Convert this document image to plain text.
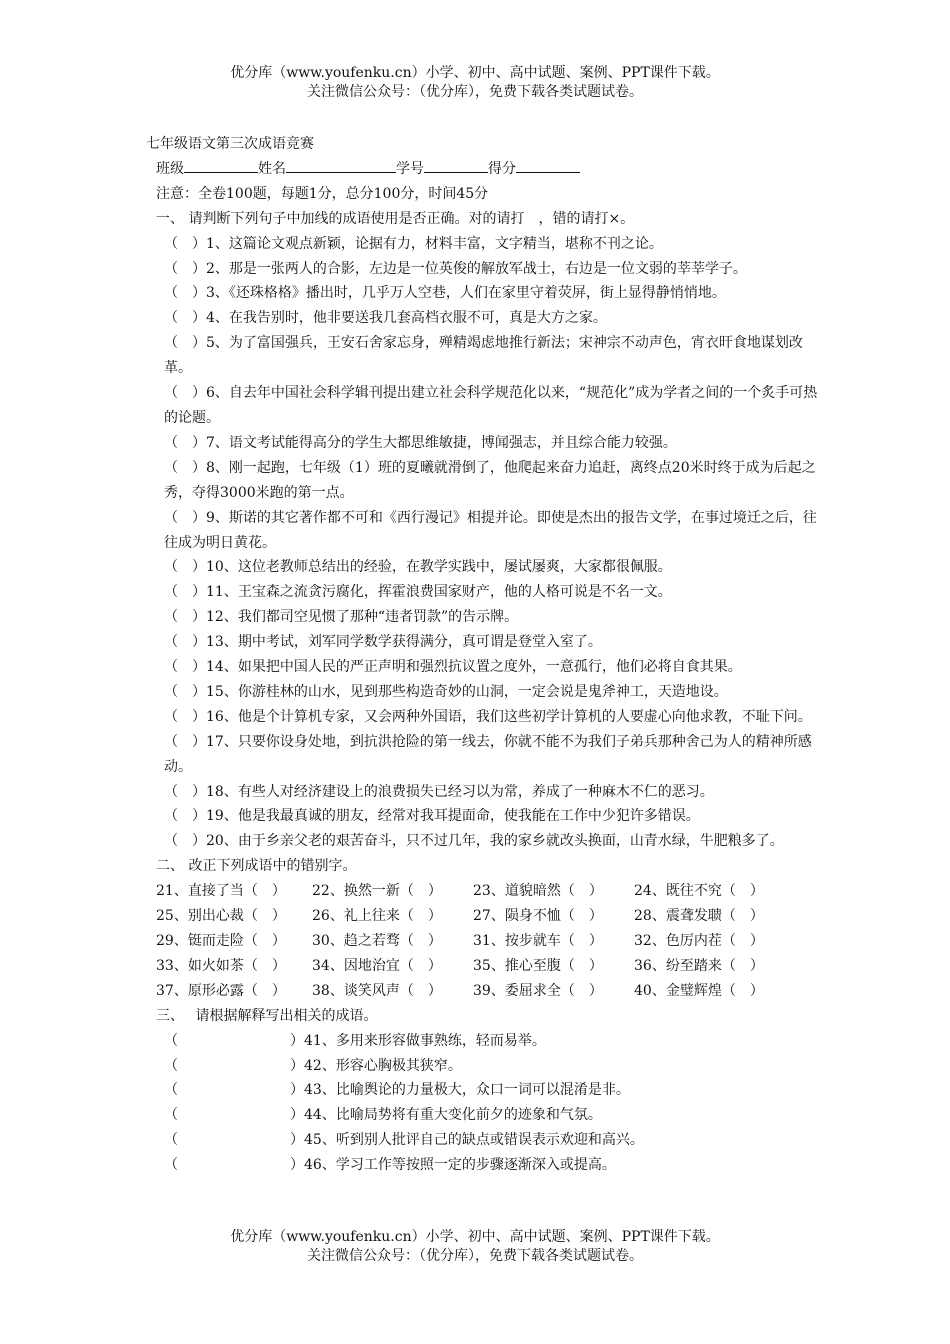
优分库（www.youfenku.cn）小学、初中、高中试题、案例、PPT课件下载。
关注微信公众号：（优分库），免费下载各类试题试卷。
七年级语文第三次成语竞赛
班级	姓名	学号	得分
注意：全卷100题，每题1分，总分100分，时间45分
一、 请判断下列句子中加线的成语使用是否正确。对的请打　，错的请打×。
（　）1、这篇论文观点新颖，论据有力，材料丰富，文字精当，堪称不刊之论。
（　）2、那是一张两人的合影，左边是一位英俊的解放军战士，右边是一位文弱的莘莘学子。
（　）3、《还珠格格》播出时，几乎万人空巷，人们在家里守着荧屏，街上显得静悄悄地。
（　）4、在我告别时，他非要送我几套高档衣服不可，真是大方之家。
（　）5、为了富国强兵，王安石舍家忘身，殚精竭虑地推行新法；宋神宗不动声色，宵衣旰食地谋划改革。
（　）6、自去年中国社会科学辑刊提出建立社会科学规范化以来，“规范化”成为学者之间的一个炙手可热的论题。
（　）7、语文考试能得高分的学生大都思维敏捷，博闻强志，并且综合能力较强。
（　）8、刚一起跑，七年级（1）班的夏曦就滑倒了，他爬起来奋力追赶，离终点20米时终于成为后起之秀，夺得3000米跑的第一点。
（　）9、斯诺的其它著作都不可和《西行漫记》相提并论。即使是杰出的报告文学，在事过境迁之后，往往成为明日黄花。
（　）10、这位老教师总结出的经验，在教学实践中，屡试屡爽，大家都很佩服。
（　）11、王宝森之流贪污腐化，挥霍浪费国家财产，他的人格可说是不名一文。
（　）12、我们都司空见惯了那种“违者罚款”的告示牌。
（　）13、期中考试，刘军同学数学获得满分，真可谓是登堂入室了。
（　）14、如果把中国人民的严正声明和强烈抗议置之度外，一意孤行，他们必将自食其果。
（　）15、你游桂林的山水，见到那些构造奇妙的山洞，一定会说是鬼斧神工，天造地设。
（　）16、他是个计算机专家，又会两种外国语，我们这些初学计算机的人要虚心向他求教，不耻下问。
（　）17、只要你设身处地，到抗洪抢险的第一线去，你就不能不为我们子弟兵那种舍己为人的精神所感动。
（　）18、有些人对经济建设上的浪费损失已经习以为常，养成了一种麻木不仁的恶习。
（　）19、他是我最真诚的朋友，经常对我耳提面命，使我能在工作中少犯许多错误。
（　）20、由于乡亲父老的艰苦奋斗，只不过几年，我的家乡就改头换面，山青水绿，牛肥粮多了。
二、 改正下列成语中的错别字。
21、直接了当（　）	22、换然一新（　）	23、道貌暗然（　）	24、既往不究（　）
25、别出心裁（　）	26、礼上往来（　）	27、陨身不恤（　）	28、震聋发聩（　）
29、铤而走险（　）	30、趋之若骛（　）	31、按步就车（　）	32、色厉内茬（　）
33、如火如茶（　）	34、因地治宜（　）	35、推心至腹（　）	36、纷至踏来（　）
37、原形必露（　）	38、谈笑风声（　）	39、委屈求全（　）	40、金璧辉煌（　）
三、　 请根据解释写出相关的成语。
（	）41、多用来形容做事熟练，轻而易举。
（	）42、形容心胸极其狭窄。
（	）43、比喻舆论的力量极大，众口一词可以混淆是非。
（	）44、比喻局势将有重大变化前夕的迹象和气氛。
（	）45、听到别人批评自己的缺点或错误表示欢迎和高兴。
（	）46、学习工作等按照一定的步骤逐渐深入或提高。
优分库（www.youfenku.cn）小学、初中、高中试题、案例、PPT课件下载。
关注微信公众号：（优分库），免费下载各类试题试卷。
